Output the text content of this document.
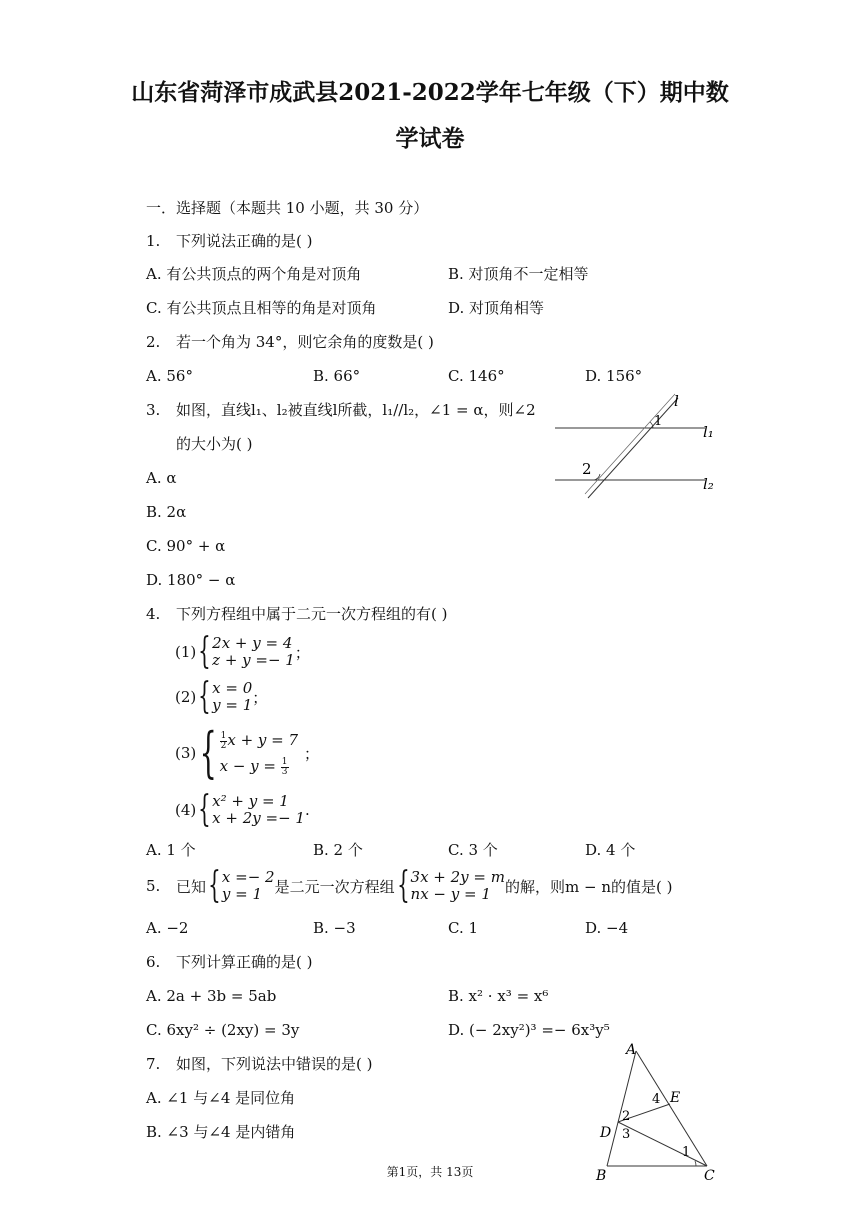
山东省菏泽市成武县2021-2022学年七年级（下）期中数
学试卷
一．选择题（本题共 10 小题，共 30 分）
1. 下列说法正确的是( )
A. 有公共顶点的两个角是对顶角	B. 对顶角不一定相等
C. 有公共顶点且相等的角是对顶角	D. 对顶角相等
2. 若一个角为 34°，则它余角的度数是( )
A. 56°	B. 66°	C. 146°	D. 156°
3. 如图，直线l₁、l₂被直线l所截，l₁//l₂，∠1 = α，则∠2
的大小为( )
A. α
B. 2α
C. 90° + α
D. 180° − α
l
l₁
l₂
1
2
4. 下列方程组中属于二元一次方程组的有( )
(1) { 2x + y = 4
z + y =− 1 ；
(2) { x = 0
y = 1 ；
(3) { $\frac{1}{2}$ x + y = 7
$x - y = \frac{1}{3}$
；
(4) { x² + y = 1
x + 2y =− 1 .
A. 1 个	B. 2 个	C. 3 个	D. 4 个
5.	已知 { x =− 2
y = 1 是二元一次方程组 { 3x + 2y = m
nx − y = 1 的解，则m − n的值是( )
A. −2	B. −3	C. 1	D. −4
6. 下列计算正确的是( )
A. 2a + 3b = 5ab	B. x² · x³ = x⁶
C. 6xy² ÷ (2xy) = 3y	D. (− 2xy²)³ =− 6x³y⁵
7. 如图，下列说法中错误的是( )
A. ∠1 与∠4 是同位角
B. ∠3 与∠4 是内错角
A
E
4
2
D 3
1
B	C
第1页，共 13页
